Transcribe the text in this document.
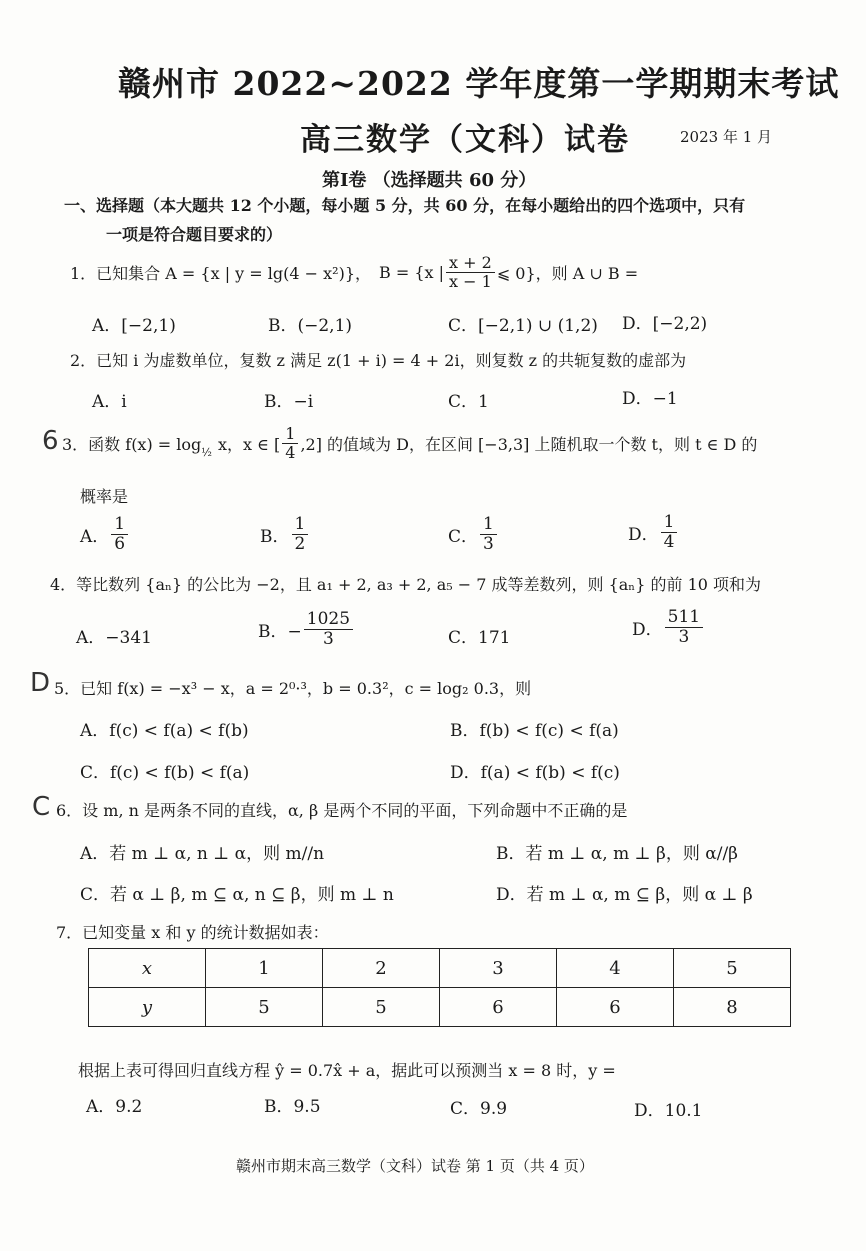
赣州市 2022~2022 学年度第一学期期末考试
高三数学（文科）试卷	2023 年 1 月
第Ⅰ卷 （选择题共 60 分）
一、选择题（本大题共 12 个小题，每小题 5 分，共 60 分，在每小题给出的四个选项中，只有
一项是符合题目要求的）
1．已知集合 A = {x | y = lg(4 − x²)}， B = {x | $\frac{x + 2}{x - 1}$ ⩽ 0}，则 A ∪ B =
A．[−2,1)	B．(−2,1)	C．[−2,1) ∪ (1,2) D．[−2,2)
2．已知 i 为虚数单位，复数 z 满足 z(1 + i) = 4 + 2i，则复数 z 的共轭复数的虚部为
A．i	B．−i	C．1	D．−1
6 3．函数 f(x) = log ½ x，x ∈ [ $\frac{1}{4} ,2$] 的值域为 D，在区间 [−3,3] 上随机取一个数 t，则 t ∈ D 的
概率是
A． $\frac{1}{6}$	B． $\frac{1}{2}$	C． $\frac{1}{3}$	D． $\frac{1}{4}$
4．等比数列 {aₙ} 的公比为 −2，且 a₁ + 2, a₃ + 2, a₅ − 7 成等差数列，则 {aₙ} 的前 10 项和为
A．−341	B．− $\frac{1025}{3}$	C．171	D． $\frac{511}{3}$
D 5．已知 f(x) = −x³ − x，a = 2⁰·³，b = 0.3²，c = log₂ 0.3，则
A．f(c) < f(a) < f(b)	B．f(b) < f(c) < f(a)
C．f(c) < f(b) < f(a)	D．f(a) < f(b) < f(c)
C 6．设 m, n 是两条不同的直线，α, β 是两个不同的平面，下列命题中不正确的是
A．若 m ⊥ α, n ⊥ α，则 m//n	B．若 m ⊥ α, m ⊥ β，则 α//β
C．若 α ⊥ β, m ⊆ α, n ⊆ β，则 m ⊥ n	D．若 m ⊥ α, m ⊆ β，则 α ⊥ β
7．已知变量 x 和 y 的统计数据如表：
x	1	2	3	4	5
y	5	5	6	6	8
根据上表可得回归直线方程 ŷ = 0.7x̂ + a，据此可以预测当 x = 8 时，y =
A．9.2	B．9.5	C．9.9	D．10.1
赣州市期末高三数学（文科）试卷 第 1 页（共 4 页）
